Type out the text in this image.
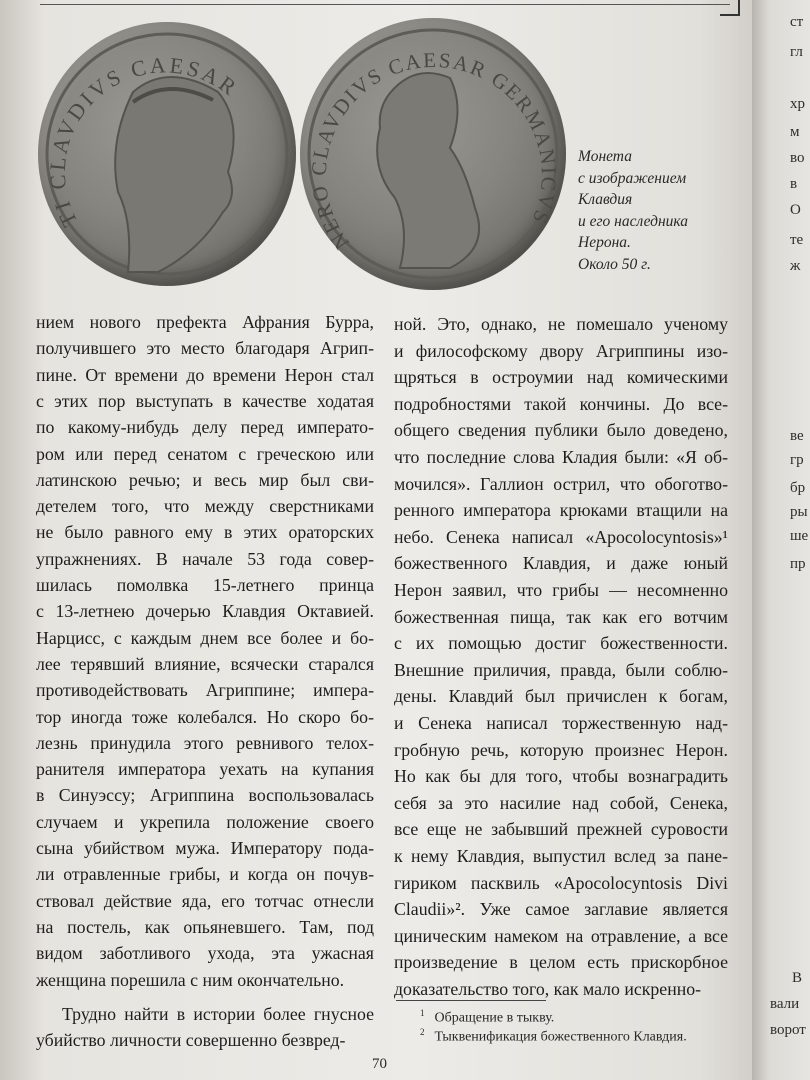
TI CLAVDIVS CAESAR
NERO CLAVDIVS CAESAR GERMANICVS
Монета
с изображением
Клавдия
и его наследника
Нерона.
Около 50 г.
нием нового префекта Афрания Бурра,
получившего это место благодаря Агрип-
пине. От времени до времени Нерон стал
с этих пор выступать в качестве ходатая
по какому-нибудь делу перед императо-
ром или перед сенатом с греческою или
латинскою речью; и весь мир был сви-
детелем того, что между сверстниками
не было равного ему в этих ораторских
упражнениях. В начале 53 года совер-
шилась помолвка 15-летнего принца
с 13-летнею дочерью Клавдия Октавией.
Нарцисс, с каждым днем все более и бо-
лее терявший влияние, всячески старался
противодействовать Агриппине; импера-
тор иногда тоже колебался. Но скоро бо-
лезнь принудила этого ревнивого телох-
ранителя императора уехать на купания
в Синуэссу; Агриппина воспользовалась
случаем и укрепила положение своего
сына убийством мужа. Императору пода-
ли отравленные грибы, и когда он почув-
ствовал действие яда, его тотчас отнесли
на постель, как опьяневшего. Там, под
видом заботливого ухода, эта ужасная
женщина порешила с ним окончательно.
Трудно найти в истории более гнусное
убийство личности совершенно безвред-
ной. Это, однако, не помешало ученому
и философскому двору Агриппины изо-
щряться в остроумии над комическими
подробностями такой кончины. До все-
общего сведения публики было доведено,
что последние слова Кладия были: «Я об-
мочился». Галлион острил, что обоготво-
ренного императора крюками втащили на
небо. Сенека написал «Apocolocyntosis»¹
божественного Клавдия, и даже юный
Нерон заявил, что грибы — несомненно
божественная пища, так как его вотчим
с их помощью достиг божественности.
Внешние приличия, правда, были соблю-
дены. Клавдий был причислен к богам,
и Сенека написал торжественную над-
гробную речь, которую произнес Нерон.
Но как бы для того, чтобы вознаградить
себя за это насилие над собой, Сенека,
все еще не забывший прежней суровости
к нему Клавдия, выпустил вслед за пане-
гириком пасквиль «Apocolocyntosis Divi
Claudii»². Уже самое заглавие является
циническим намеком на отравление, а все
произведение в целом есть прискорбное
доказательство того, как мало искренно-
$^1$ Обращение в тыкву.
$^2$ Тыквенификация божественного Клавдия.
70
ст
гл
хр
м
во
в
О
те
ж
ве
гр
бр
ры
ше
пр
В
вали
ворот
